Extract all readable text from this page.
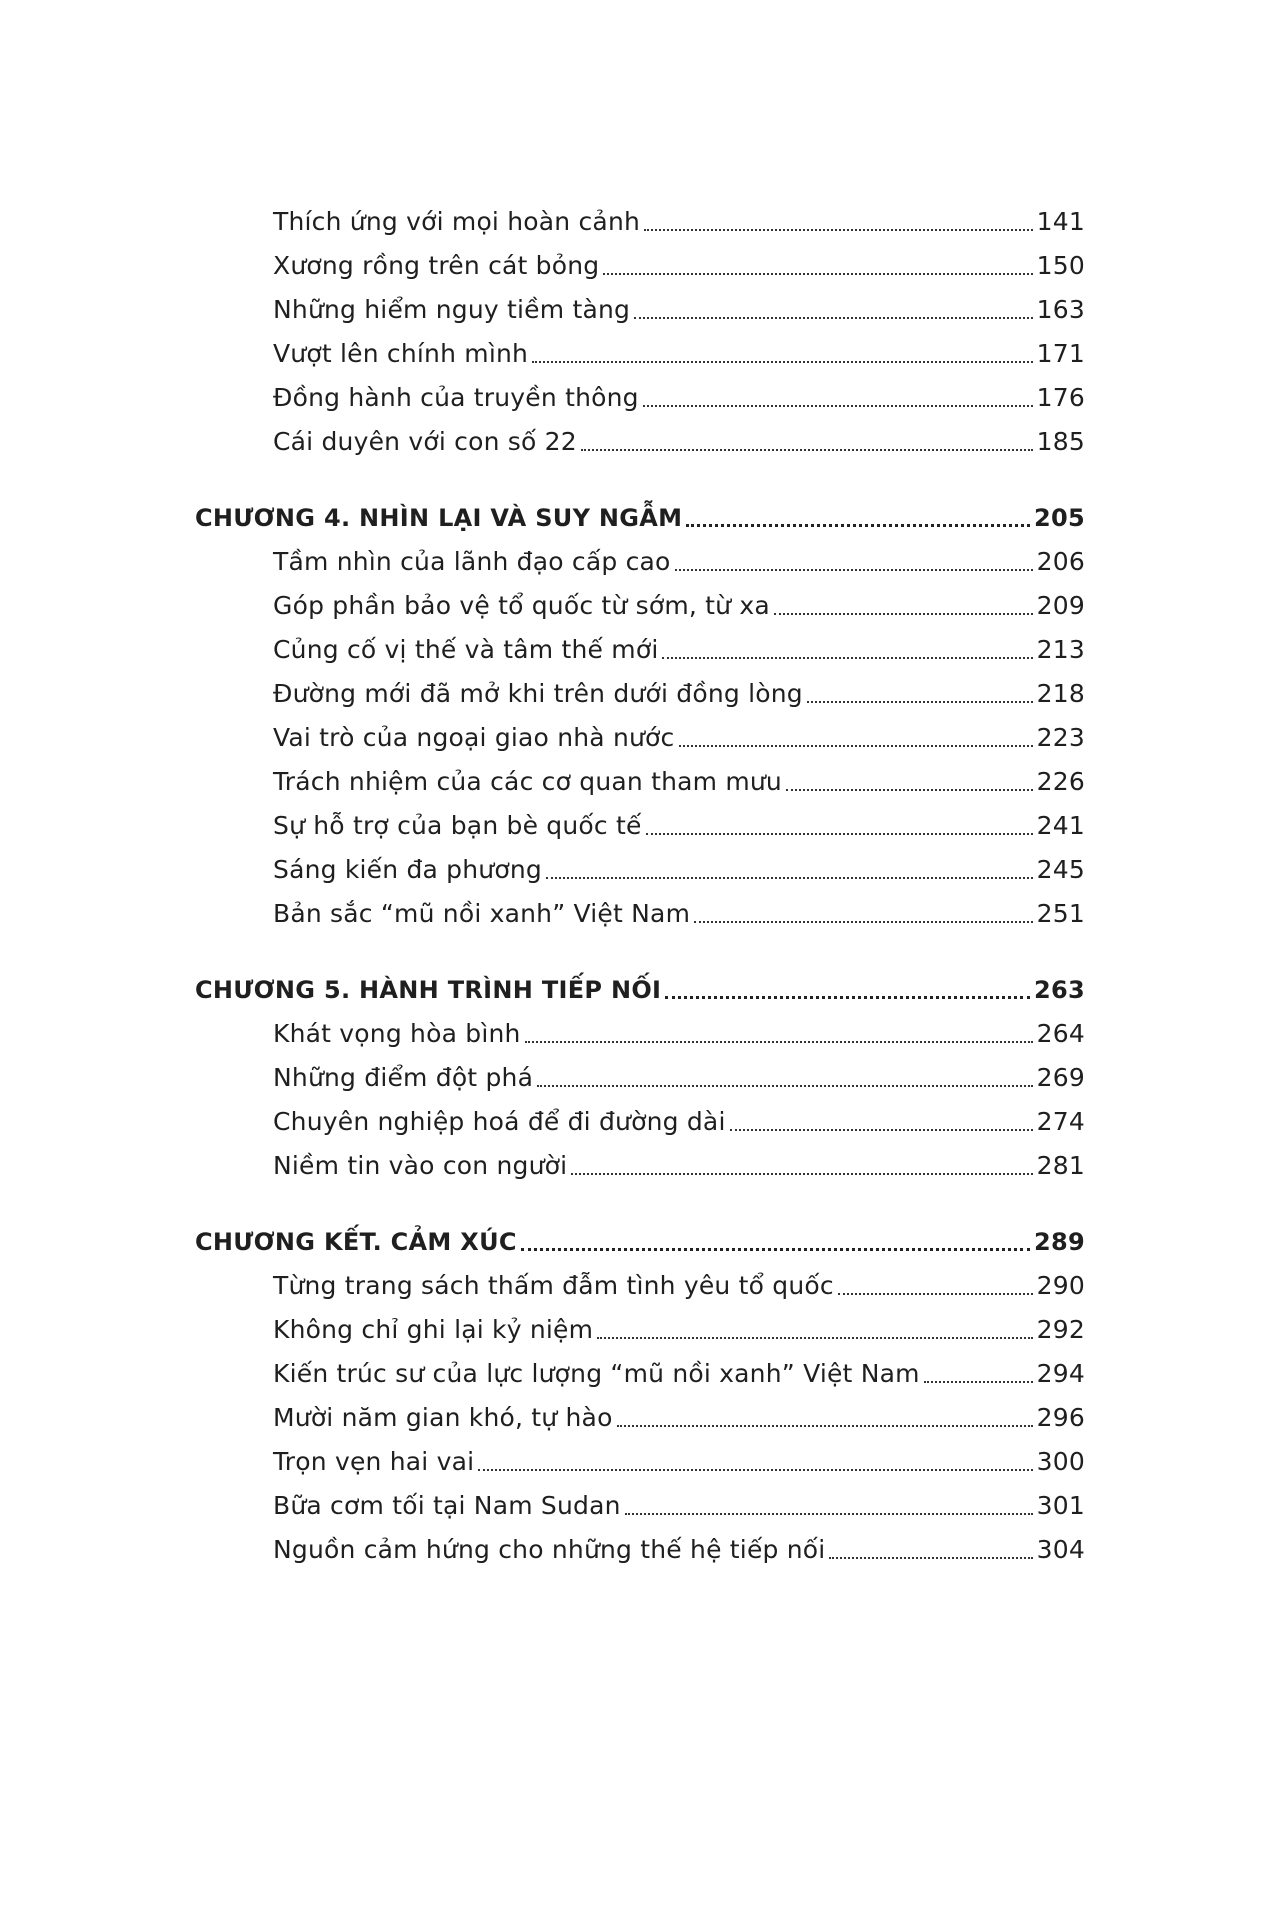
Thích ứng với mọi hoàn cảnh	141
Xương rồng trên cát bỏng	150
Những hiểm nguy tiềm tàng	163
Vượt lên chính mình	171
Đồng hành của truyền thông	176
Cái duyên với con số 22	185
CHƯƠNG 4. NHÌN LẠI VÀ SUY NGẪM	205
Tầm nhìn của lãnh đạo cấp cao	206
Góp phần bảo vệ tổ quốc từ sớm, từ xa	209
Củng cố vị thế và tâm thế mới	213
Đường mới đã mở khi trên dưới đồng lòng	218
Vai trò của ngoại giao nhà nước	223
Trách nhiệm của các cơ quan tham mưu	226
Sự hỗ trợ của bạn bè quốc tế	241
Sáng kiến đa phương	245
Bản sắc “mũ nồi xanh” Việt Nam	251
CHƯƠNG 5. HÀNH TRÌNH TIẾP NỐI	263
Khát vọng hòa bình	264
Những điểm đột phá	269
Chuyên nghiệp hoá để đi đường dài	274
Niềm tin vào con người	281
CHƯƠNG KẾT. CẢM XÚC	289
Từng trang sách thấm đẫm tình yêu tổ quốc	290
Không chỉ ghi lại kỷ niệm	292
Kiến trúc sư của lực lượng “mũ nồi xanh” Việt Nam	294
Mười năm gian khó, tự hào	296
Trọn vẹn hai vai	300
Bữa cơm tối tại Nam Sudan	301
Nguồn cảm hứng cho những thế hệ tiếp nối	304
